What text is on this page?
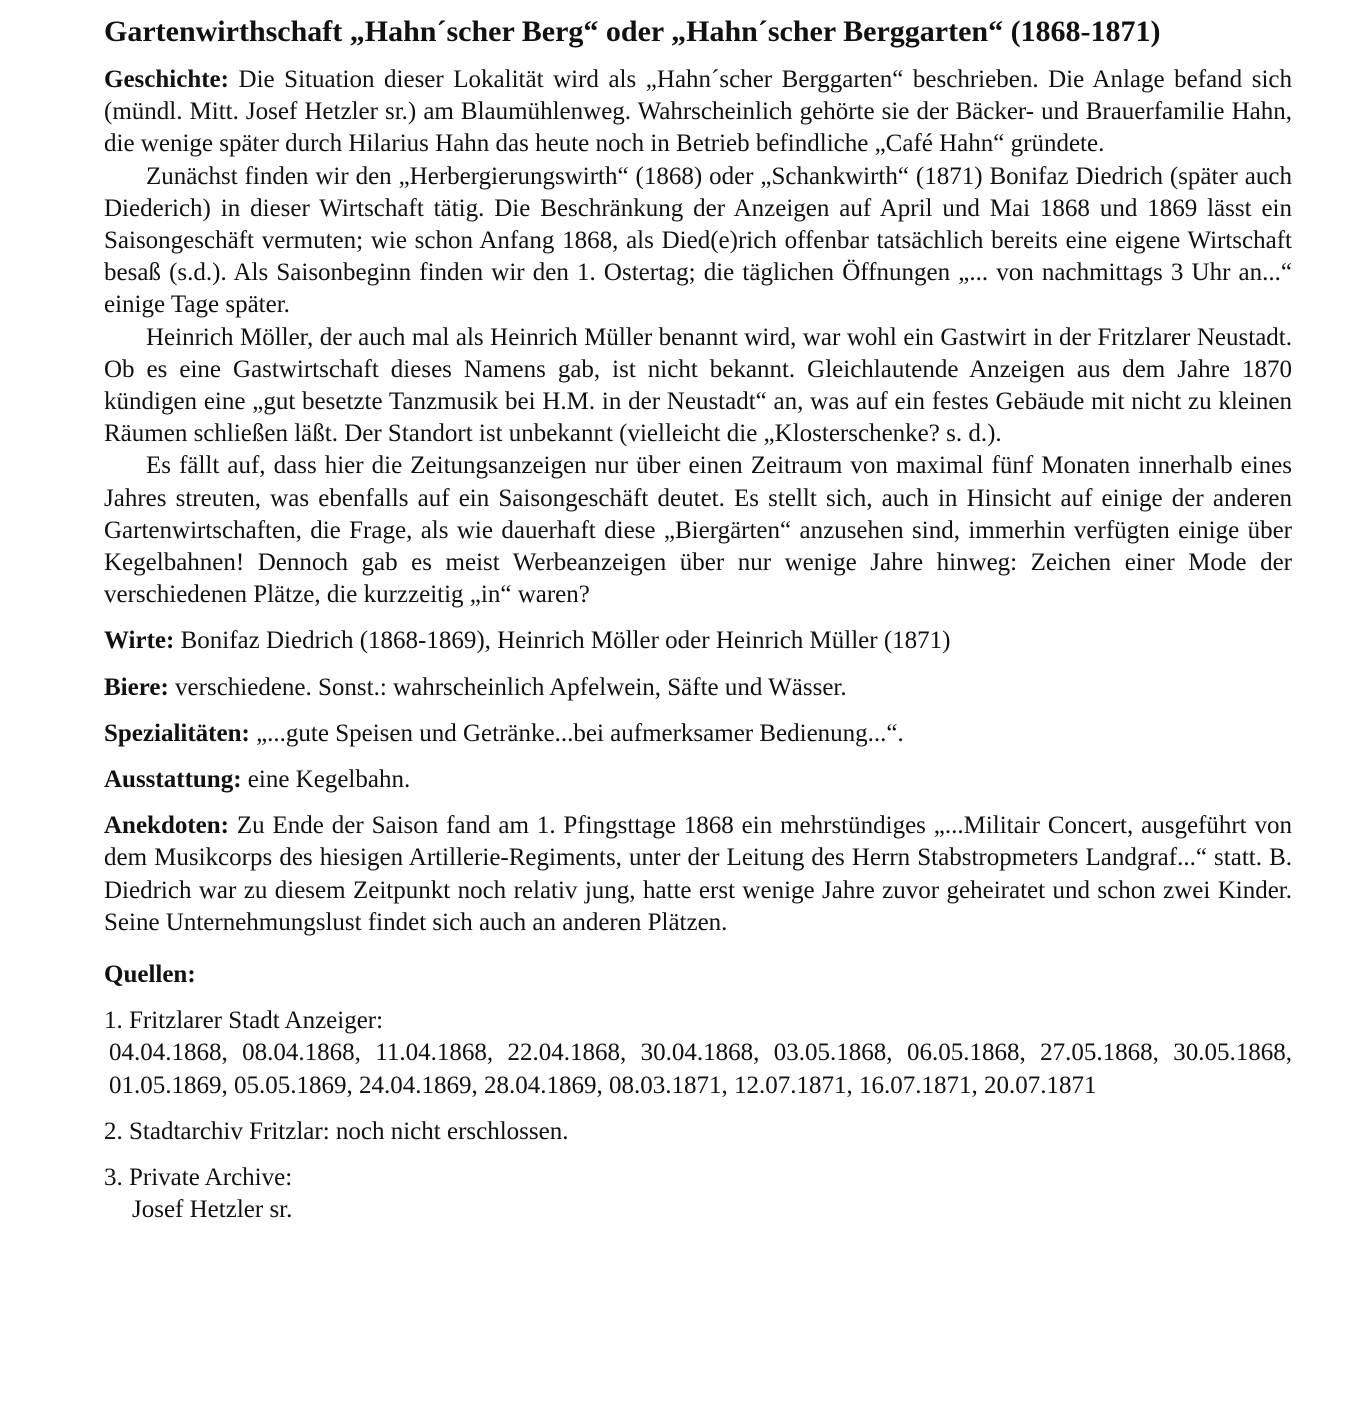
Gartenwirthschaft „Hahn´scher Berg“ oder „Hahn´scher Berggarten“ (1868-1871)

Geschichte: Die Situation dieser Lokalität wird als „Hahn´scher Berggarten“ beschrieben. Die Anlage befand sich (mündl. Mitt. Josef Hetzler sr.) am Blaumühlenweg. Wahrscheinlich gehörte sie der Bäcker- und Brauerfamilie Hahn, die wenige später durch Hilarius Hahn das heute noch in Betrieb befindliche „Café Hahn“ gründete.

Zunächst finden wir den „Herbergierungswirth“ (1868) oder „Schankwirth“ (1871) Bonifaz Diedrich (später auch Diederich) in dieser Wirtschaft tätig. Die Beschränkung der Anzeigen auf April und Mai 1868 und 1869 lässt ein Saisongeschäft vermuten; wie schon Anfang 1868, als Died(e)rich offenbar tatsächlich bereits eine eigene Wirtschaft besaß (s.d.). Als Saisonbeginn finden wir den 1. Ostertag; die täglichen Öffnungen „... von nachmittags 3 Uhr an...“ einige Tage später.

Heinrich Möller, der auch mal als Heinrich Müller benannt wird, war wohl ein Gastwirt in der Fritzlarer Neustadt. Ob es eine Gastwirtschaft dieses Namens gab, ist nicht bekannt. Gleichlautende Anzeigen aus dem Jahre 1870 kündigen eine „gut besetzte Tanzmusik bei H.M. in der Neustadt“ an, was auf ein festes Gebäude mit nicht zu kleinen Räumen schließen läßt. Der Standort ist unbekannt (vielleicht die „Klosterschenke? s. d.).

Es fällt auf, dass hier die Zeitungsanzeigen nur über einen Zeitraum von maximal fünf Monaten innerhalb eines Jahres streuten, was ebenfalls auf ein Saisongeschäft deutet. Es stellt sich, auch in Hinsicht auf einige der anderen Gartenwirtschaften, die Frage, als wie dauerhaft diese „Biergärten“ anzusehen sind, immerhin verfügten einige über Kegelbahnen! Dennoch gab es meist Werbeanzeigen über nur wenige Jahre hinweg: Zeichen einer Mode der verschiedenen Plätze, die kurzzeitig „in“ waren?

Wirte: Bonifaz Diedrich (1868-1869), Heinrich Möller oder Heinrich Müller (1871)

Biere: verschiedene. Sonst.: wahrscheinlich Apfelwein, Säfte und Wässer.

Spezialitäten: „...gute Speisen und Getränke...bei aufmerksamer Bedienung...“.

Ausstattung: eine Kegelbahn.

Anekdoten: Zu Ende der Saison fand am 1. Pfingsttage 1868 ein mehrstündiges „...Militair Concert, ausgeführt von dem Musikcorps des hiesigen Artillerie-Regiments, unter der Leitung des Herrn Stabstropmeters Landgraf...“ statt. B. Diedrich war zu diesem Zeitpunkt noch relativ jung, hatte erst wenige Jahre zuvor geheiratet und schon zwei Kinder. Seine Unternehmungslust findet sich auch an anderen Plätzen.

Quellen:

1. Fritzlarer Stadt Anzeiger:

04.04.1868, 08.04.1868, 11.04.1868, 22.04.1868, 30.04.1868, 03.05.1868, 06.05.1868, 27.05.1868, 30.05.1868, 01.05.1869, 05.05.1869, 24.04.1869, 28.04.1869, 08.03.1871, 12.07.1871, 16.07.1871, 20.07.1871

2. Stadtarchiv Fritzlar: noch nicht erschlossen.

3. Private Archive:

Josef Hetzler sr.
